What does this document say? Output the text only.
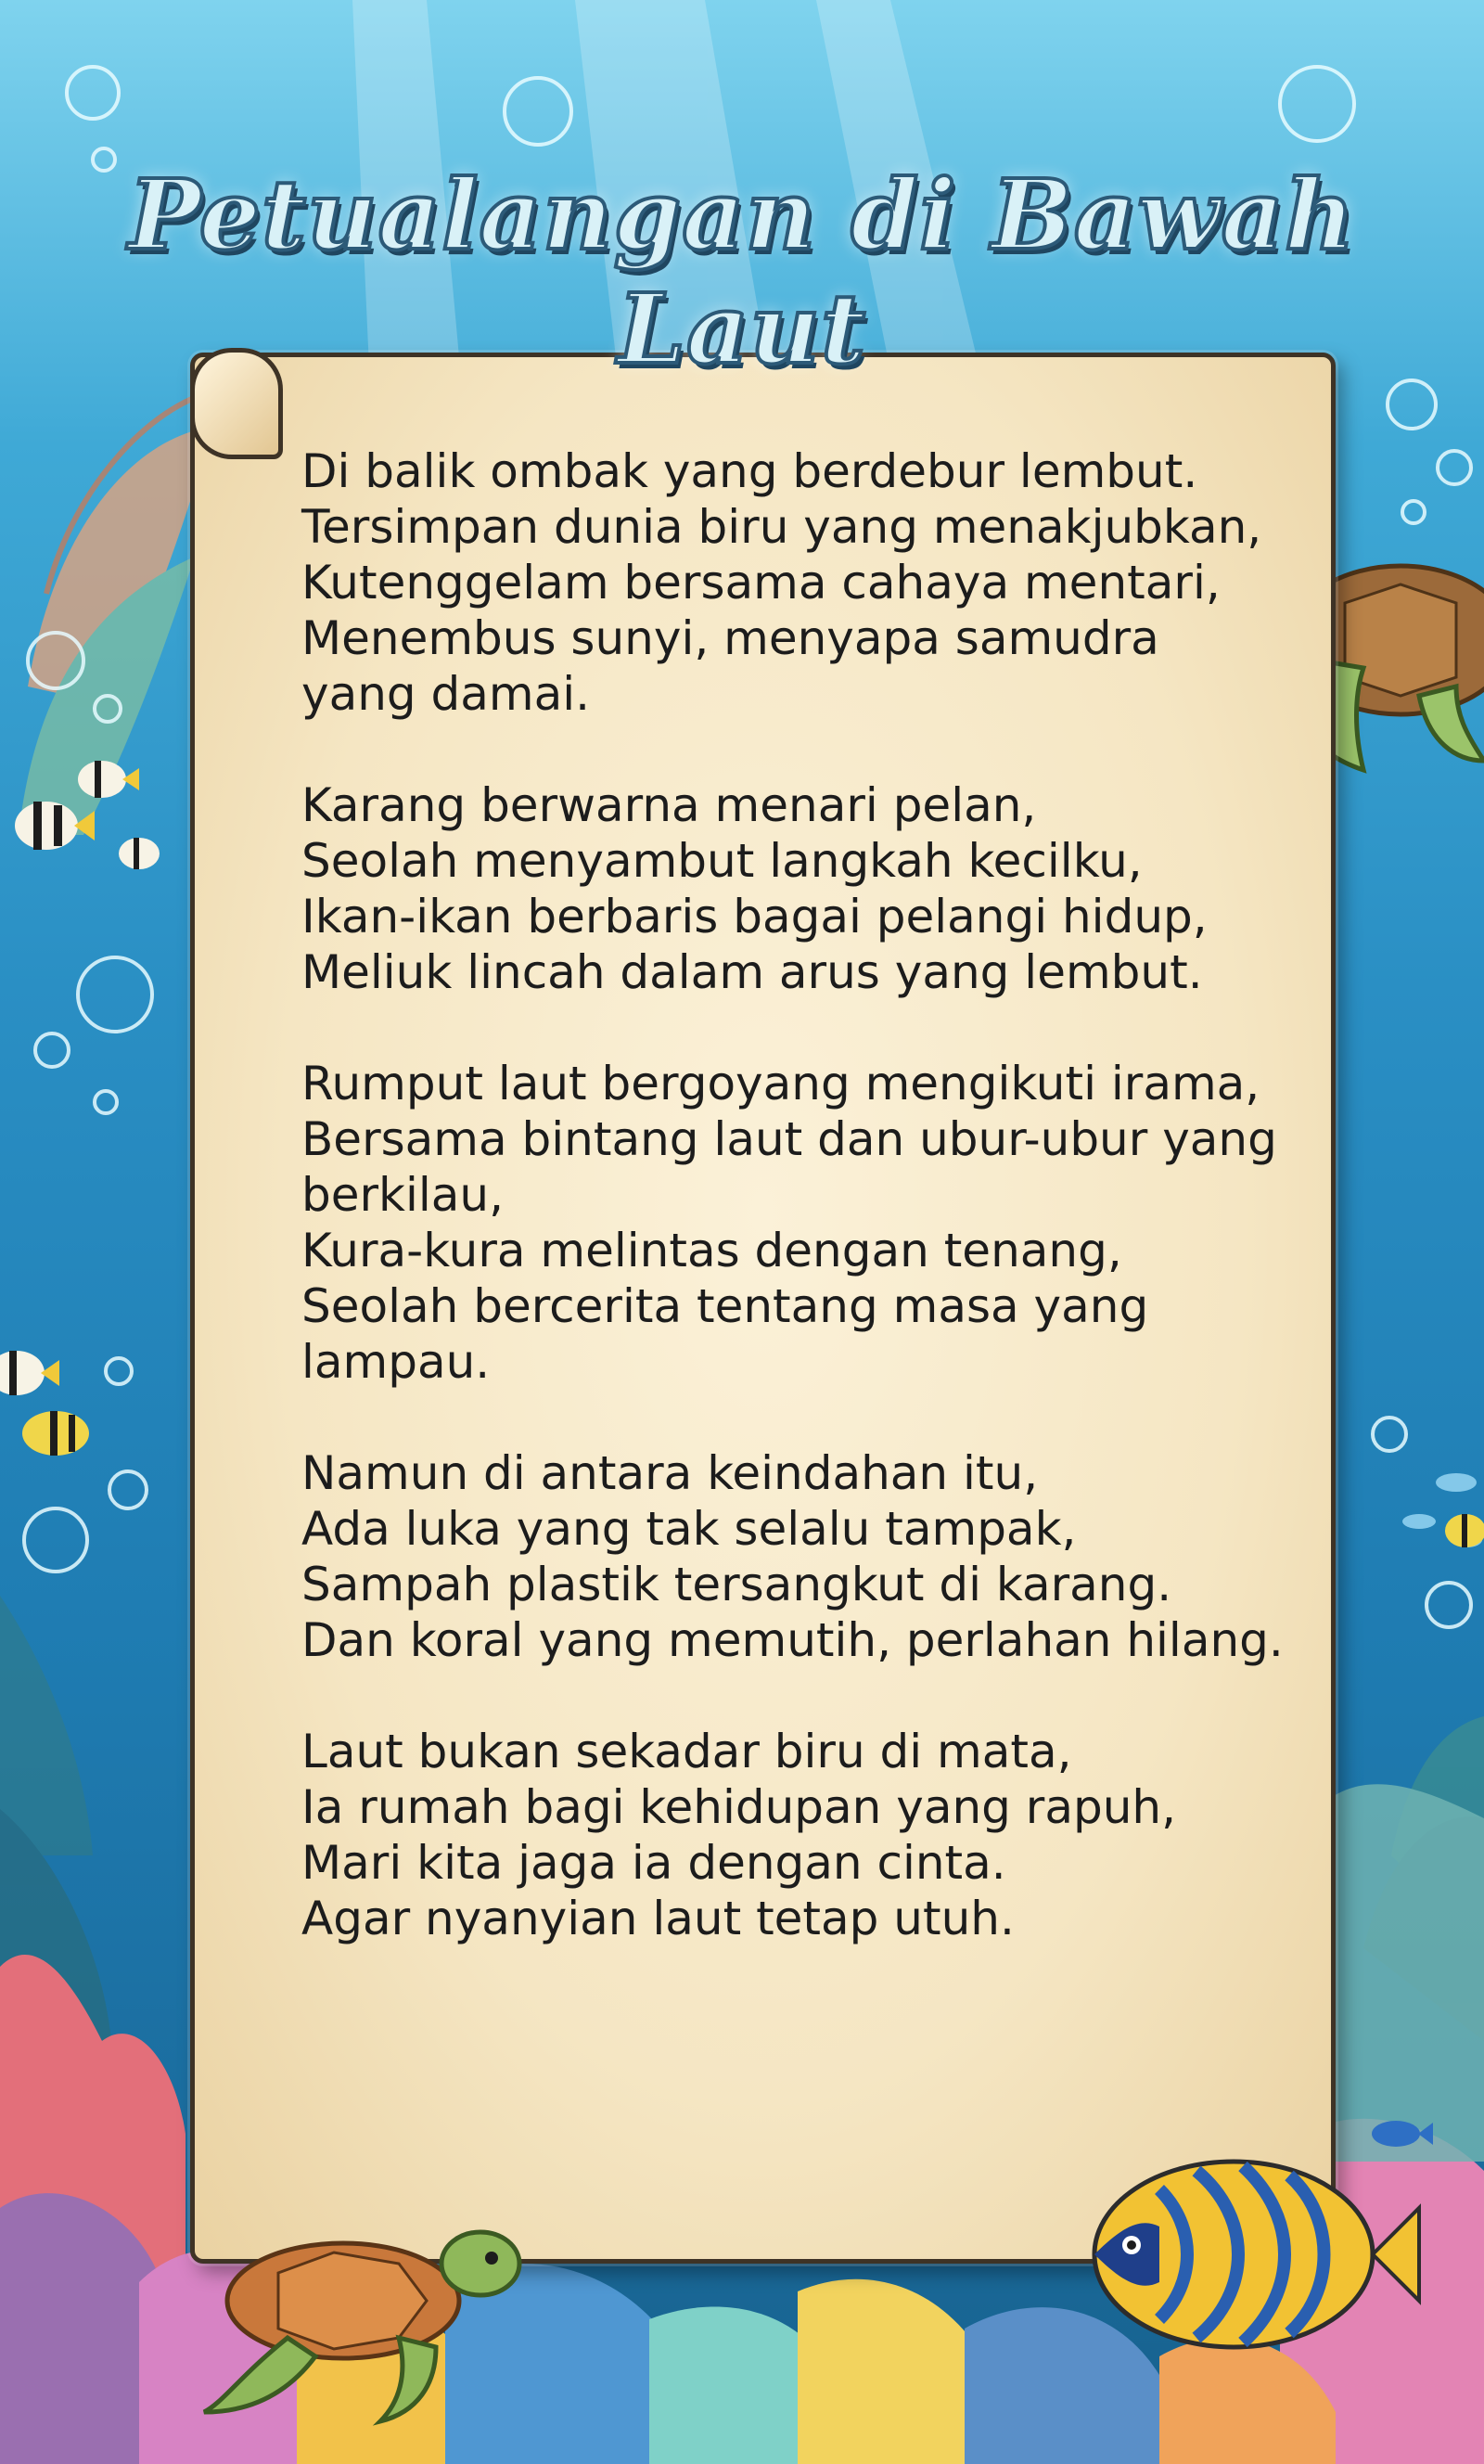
Petualangan di Bawah Laut
Di balik ombak yang berdebur lembut.
Tersimpan dunia biru yang menakjubkan,
Kutenggelam bersama cahaya mentari,
Menembus sunyi, menyapa samudra yang damai.
Karang berwarna menari pelan,
Seolah menyambut langkah kecilku,
Ikan-ikan berbaris bagai pelangi hidup,
Meliuk lincah dalam arus yang lembut.
Rumput laut bergoyang mengikuti irama,
Bersama bintang laut dan ubur-ubur yang berkilau,
Kura-kura melintas dengan tenang,
Seolah bercerita tentang masa yang lampau.
Namun di antara keindahan itu,
Ada luka yang tak selalu tampak,
Sampah plastik tersangkut di karang.
Dan koral yang memutih, perlahan hilang.
Laut bukan sekadar biru di mata,
Ia rumah bagi kehidupan yang rapuh,
Mari kita jaga ia dengan cinta.
Agar nyanyian laut tetap utuh.
